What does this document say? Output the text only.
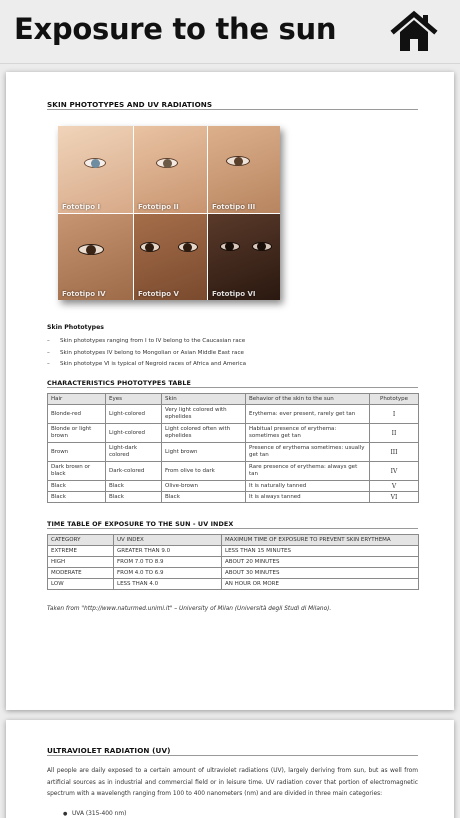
Exposure to the sun
SKIN PHOTOTYPES AND UV RADIATIONS
Fototipo I	Fototipo II	Fototipo III
Fototipo IV	Fototipo V	Fototipo VI
Skin Phototypes
– Skin phototypes ranging from I to IV belong to the Caucasian race
– Skin phototypes IV belong to Mongolian or Asian Middle East race
– Skin phototype VI is typical of Negroid races of Africa and America
CHARACTERISTICS PHOTOTYPES TABLE
Hair	Eyes	Skin	Behavior of the skin to the sun	Phototype
Blonde-red	Light-colored	Very light colored with ephelides	Erythema: ever present, rarely get tan	I
Blonde or light brown	Light-colored	Light colored often with ephelides	Habitual presence of erythema: sometimes get tan	II
Brown	Light-dark colored	Light brown	Presence of erythema sometimes: usually get tan	III
Dark brown or black	Dark-colored	From olive to dark	Rare presence of erythema: always get tan	IV
Black	Black	Olive-brown	It is naturally tanned	V
Black	Black	Black	It is always tanned	VI
TIME TABLE OF EXPOSURE TO THE SUN - UV INDEX
CATEGORY	UV INDEX	MAXIMUM TIME OF EXPOSURE TO PREVENT SKIN ERYTHEMA
EXTREME	GREATER THAN 9.0	LESS THAN 15 MINUTES
HIGH	FROM 7.0 TO 8.9	ABOUT 20 MINUTES
MODERATE	FROM 4.0 TO 6.9	ABOUT 30 MINUTES
LOW	LESS THAN 4.0	AN HOUR OR MORE
Taken from "http://www.naturmed.unimi.it" – University of Milan (Università degli Studi di Milano).
ULTRAVIOLET RADIATION (UV)
All people are daily exposed to a certain amount of ultraviolet radiations (UV), largely deriving from sun, but as well from artificial sources as in industrial and commercial field or in leisure time. UV radiation cover that portion of electromagnetic spectrum with a wavelength ranging from 100 to 400 nanometers (nm) and are divided in three main categories:
● UVA (315-400 nm)
